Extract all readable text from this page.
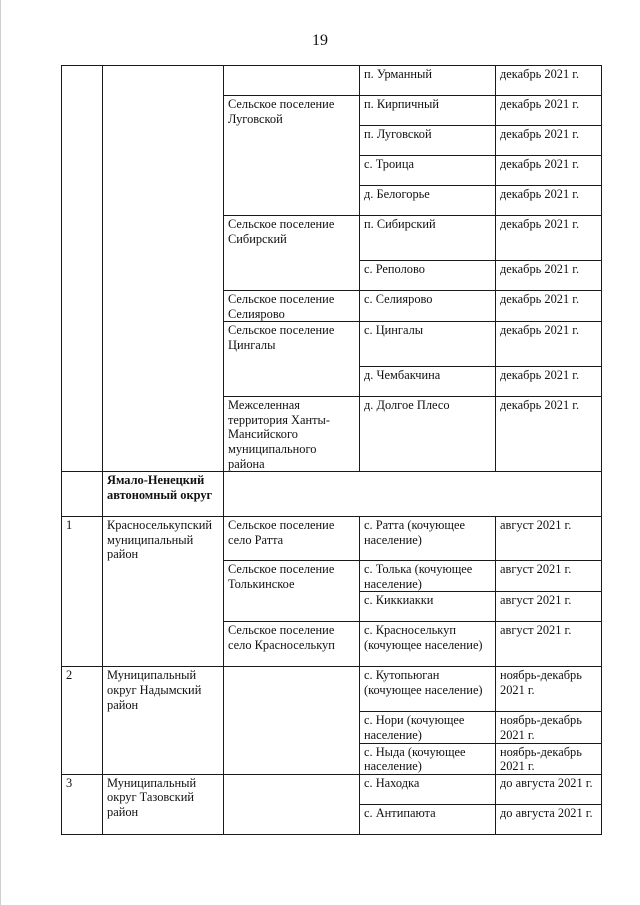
19
			п. Урманный	декабрь 2021 г.
		Сельское поселение Луговской	п. Кирпичный	декабрь 2021 г.
			п. Луговской	декабрь 2021 г.
			с. Троица	декабрь 2021 г.
			д. Белогорье	декабрь 2021 г.
		Сельское поселение Сибирский	п. Сибирский	декабрь 2021 г.
			с. Реполово	декабрь 2021 г.
		Сельское поселение Селиярово	с. Селиярово	декабрь 2021 г.
		Сельское поселение Цингалы	с. Цингалы	декабрь 2021 г.
			д. Чембакчина	декабрь 2021 г.
		Межселенная территория Ханты-Мансийского муниципального района	д. Долгое Плесо	декабрь 2021 г.
	Ямало-Ненецкий автономный округ			
1	Красноселькупский муниципальный район	Сельское поселение село Ратта	с. Ратта (кочующее население)	август 2021 г.
		Сельское поселение Толькинское	с. Толька (кочующее население)	август 2021 г.
			с. Киккиакки	август 2021 г.
		Сельское поселение село Красноселькуп	с. Красноселькуп (кочующее население)	август 2021 г.
2	Муниципальный округ Надымский район		с. Кутопьюган (кочующее население)	ноябрь-декабрь 2021 г.
			с. Нори (кочующее население)	ноябрь-декабрь 2021 г.
			с. Ныда (кочующее население)	ноябрь-декабрь 2021 г.
3	Муниципальный округ Тазовский район		с. Находка	до августа 2021 г.
			с. Антипаюта	до августа 2021 г.
